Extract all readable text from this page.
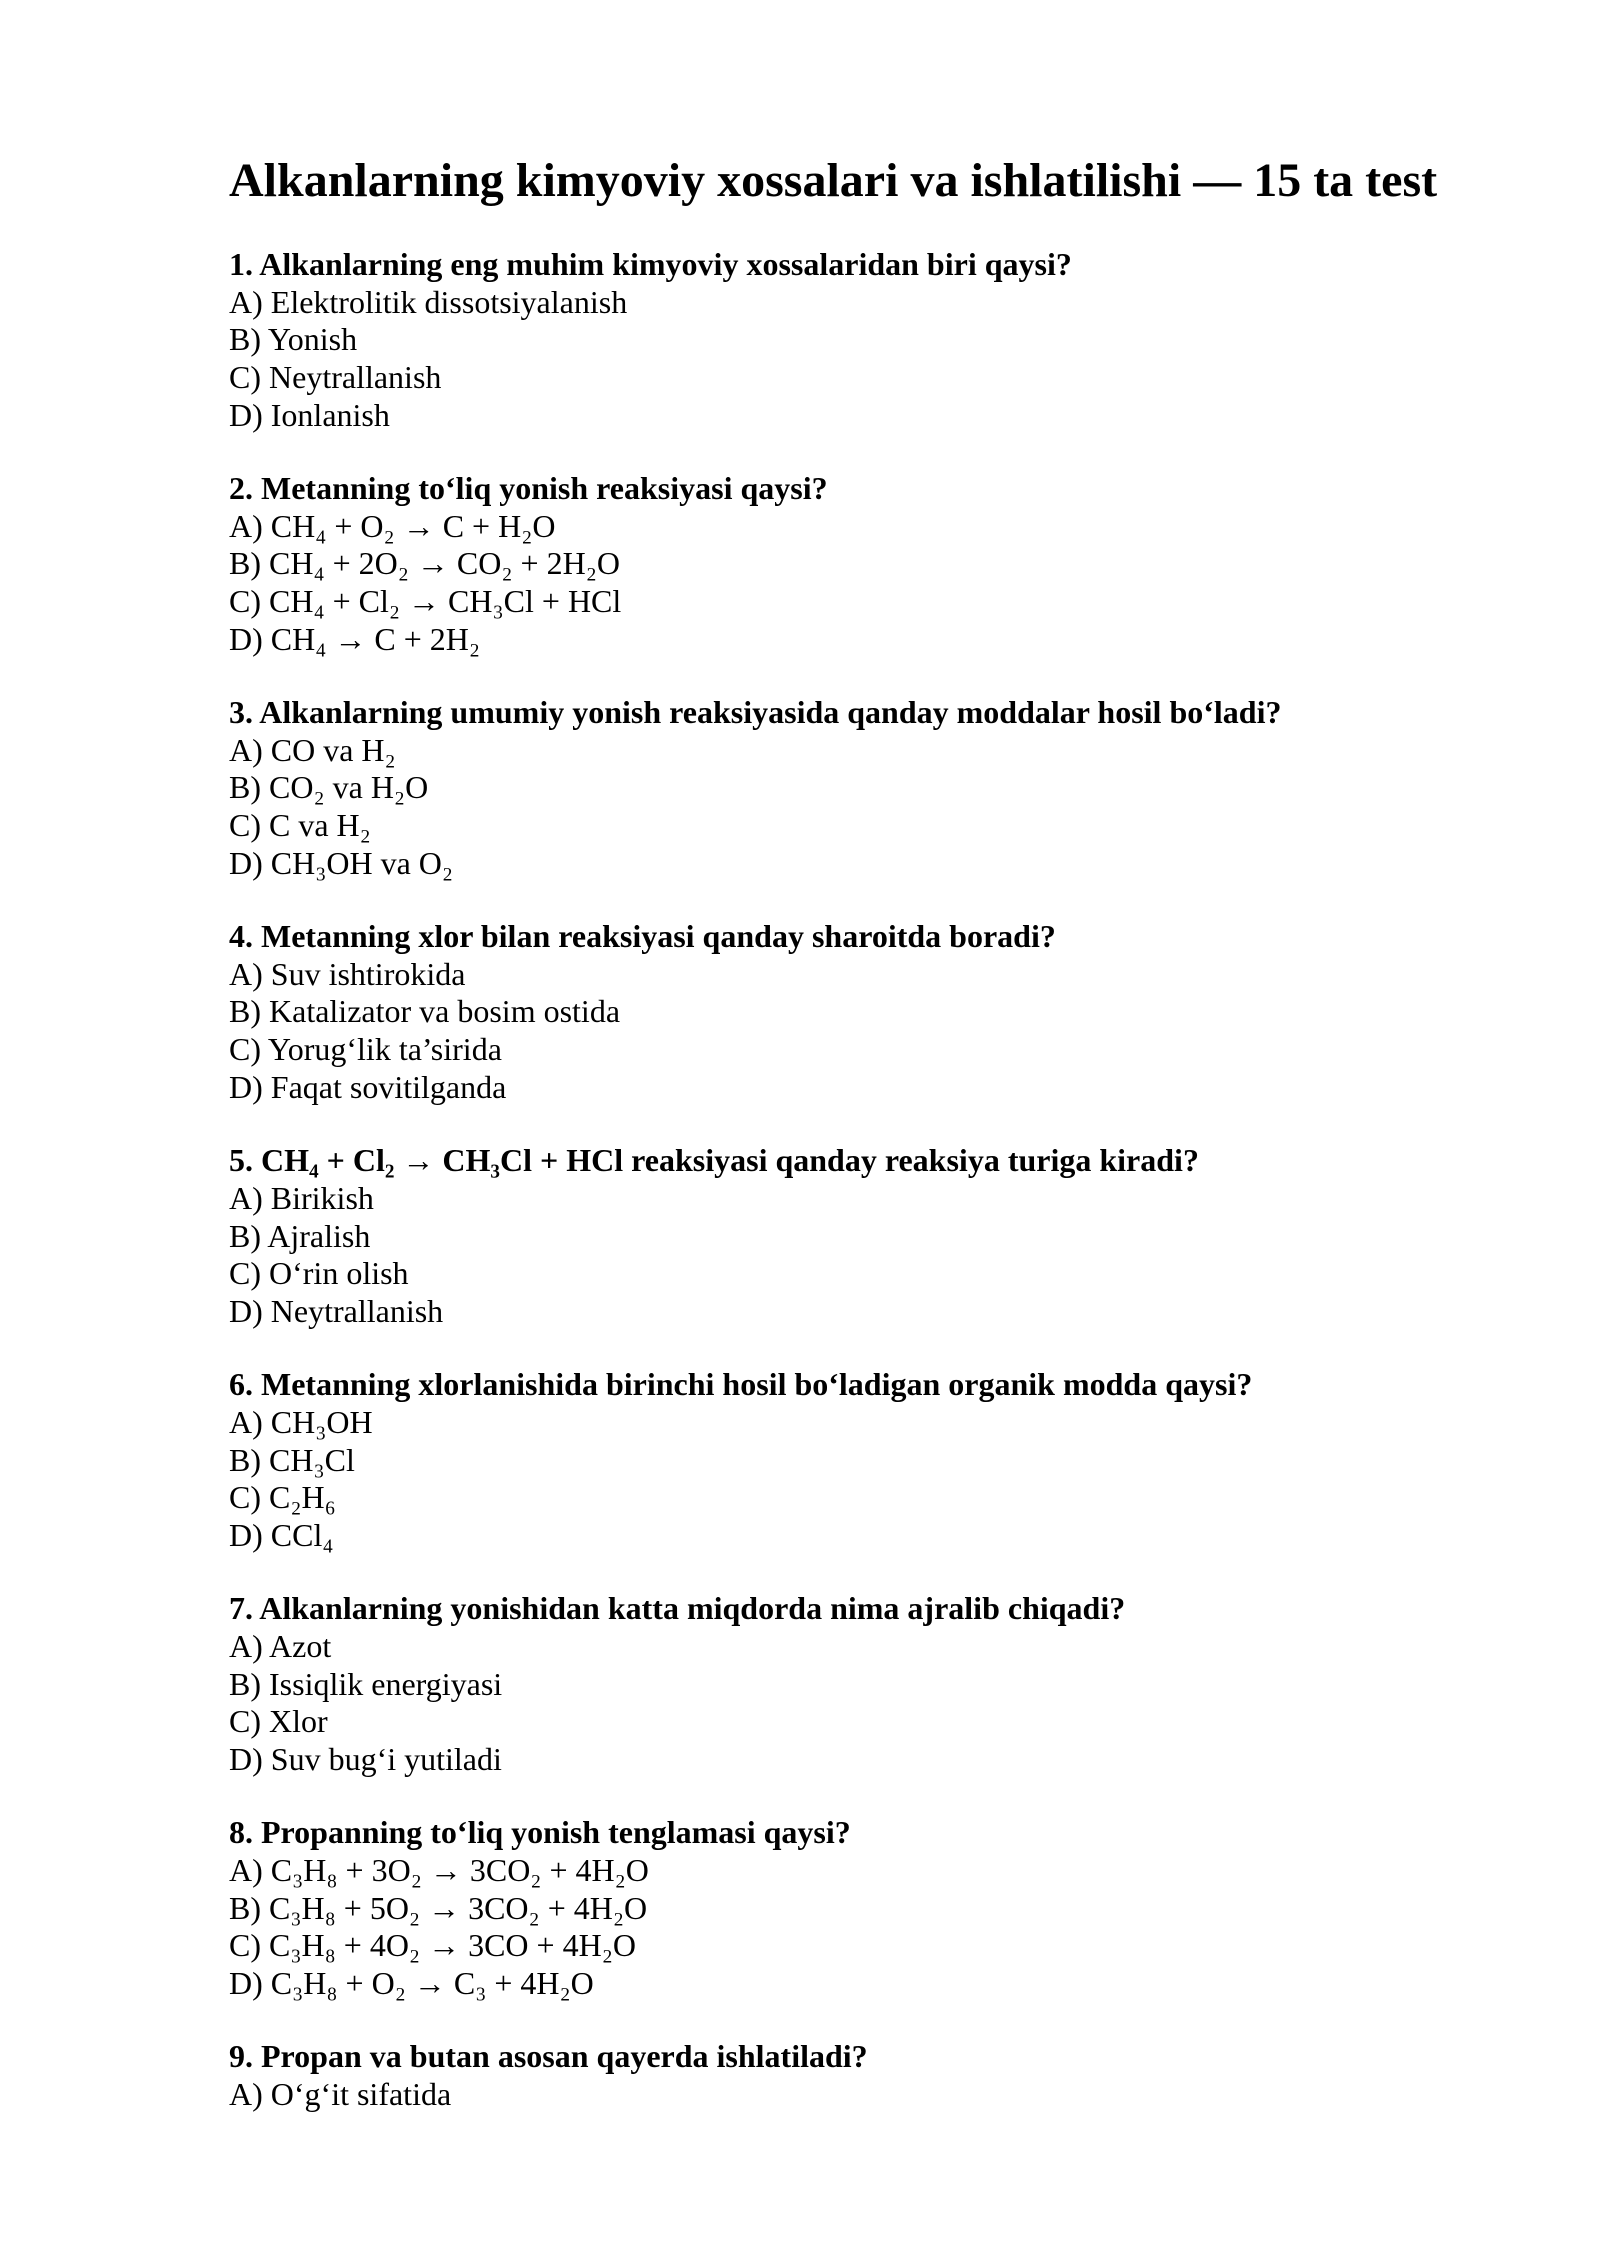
Alkanlarning kimyoviy xossalari va ishlatilishi — 15 ta test
1. Alkanlarning eng muhim kimyoviy xossalaridan biri qaysi?
A) Elektrolitik dissotsiyalanish
B) Yonish
C) Neytrallanish
D) Ionlanish
2. Metanning to‘liq yonish reaksiyasi qaysi?
A) CH₄ + O₂ → C + H₂O
B) CH₄ + 2O₂ → CO₂ + 2H₂O
C) CH₄ + Cl₂ → CH₃Cl + HCl
D) CH₄ → C + 2H₂
3. Alkanlarning umumiy yonish reaksiyasida qanday moddalar hosil bo‘ladi?
A) CO va H₂
B) CO₂ va H₂O
C) C va H₂
D) CH₃OH va O₂
4. Metanning xlor bilan reaksiyasi qanday sharoitda boradi?
A) Suv ishtirokida
B) Katalizator va bosim ostida
C) Yorug‘lik ta’sirida
D) Faqat sovitilganda
5. CH₄ + Cl₂ → CH₃Cl + HCl reaksiyasi qanday reaksiya turiga kiradi?
A) Birikish
B) Ajralish
C) O‘rin olish
D) Neytrallanish
6. Metanning xlorlanishida birinchi hosil bo‘ladigan organik modda qaysi?
A) CH₃OH
B) CH₃Cl
C) C₂H₆
D) CCl₄
7. Alkanlarning yonishidan katta miqdorda nima ajralib chiqadi?
A) Azot
B) Issiqlik energiyasi
C) Xlor
D) Suv bug‘i yutiladi
8. Propanning to‘liq yonish tenglamasi qaysi?
A) C₃H₈ + 3O₂ → 3CO₂ + 4H₂O
B) C₃H₈ + 5O₂ → 3CO₂ + 4H₂O
C) C₃H₈ + 4O₂ → 3CO + 4H₂O
D) C₃H₈ + O₂ → C₃ + 4H₂O
9. Propan va butan asosan qayerda ishlatiladi?
A) O‘g‘it sifatida
